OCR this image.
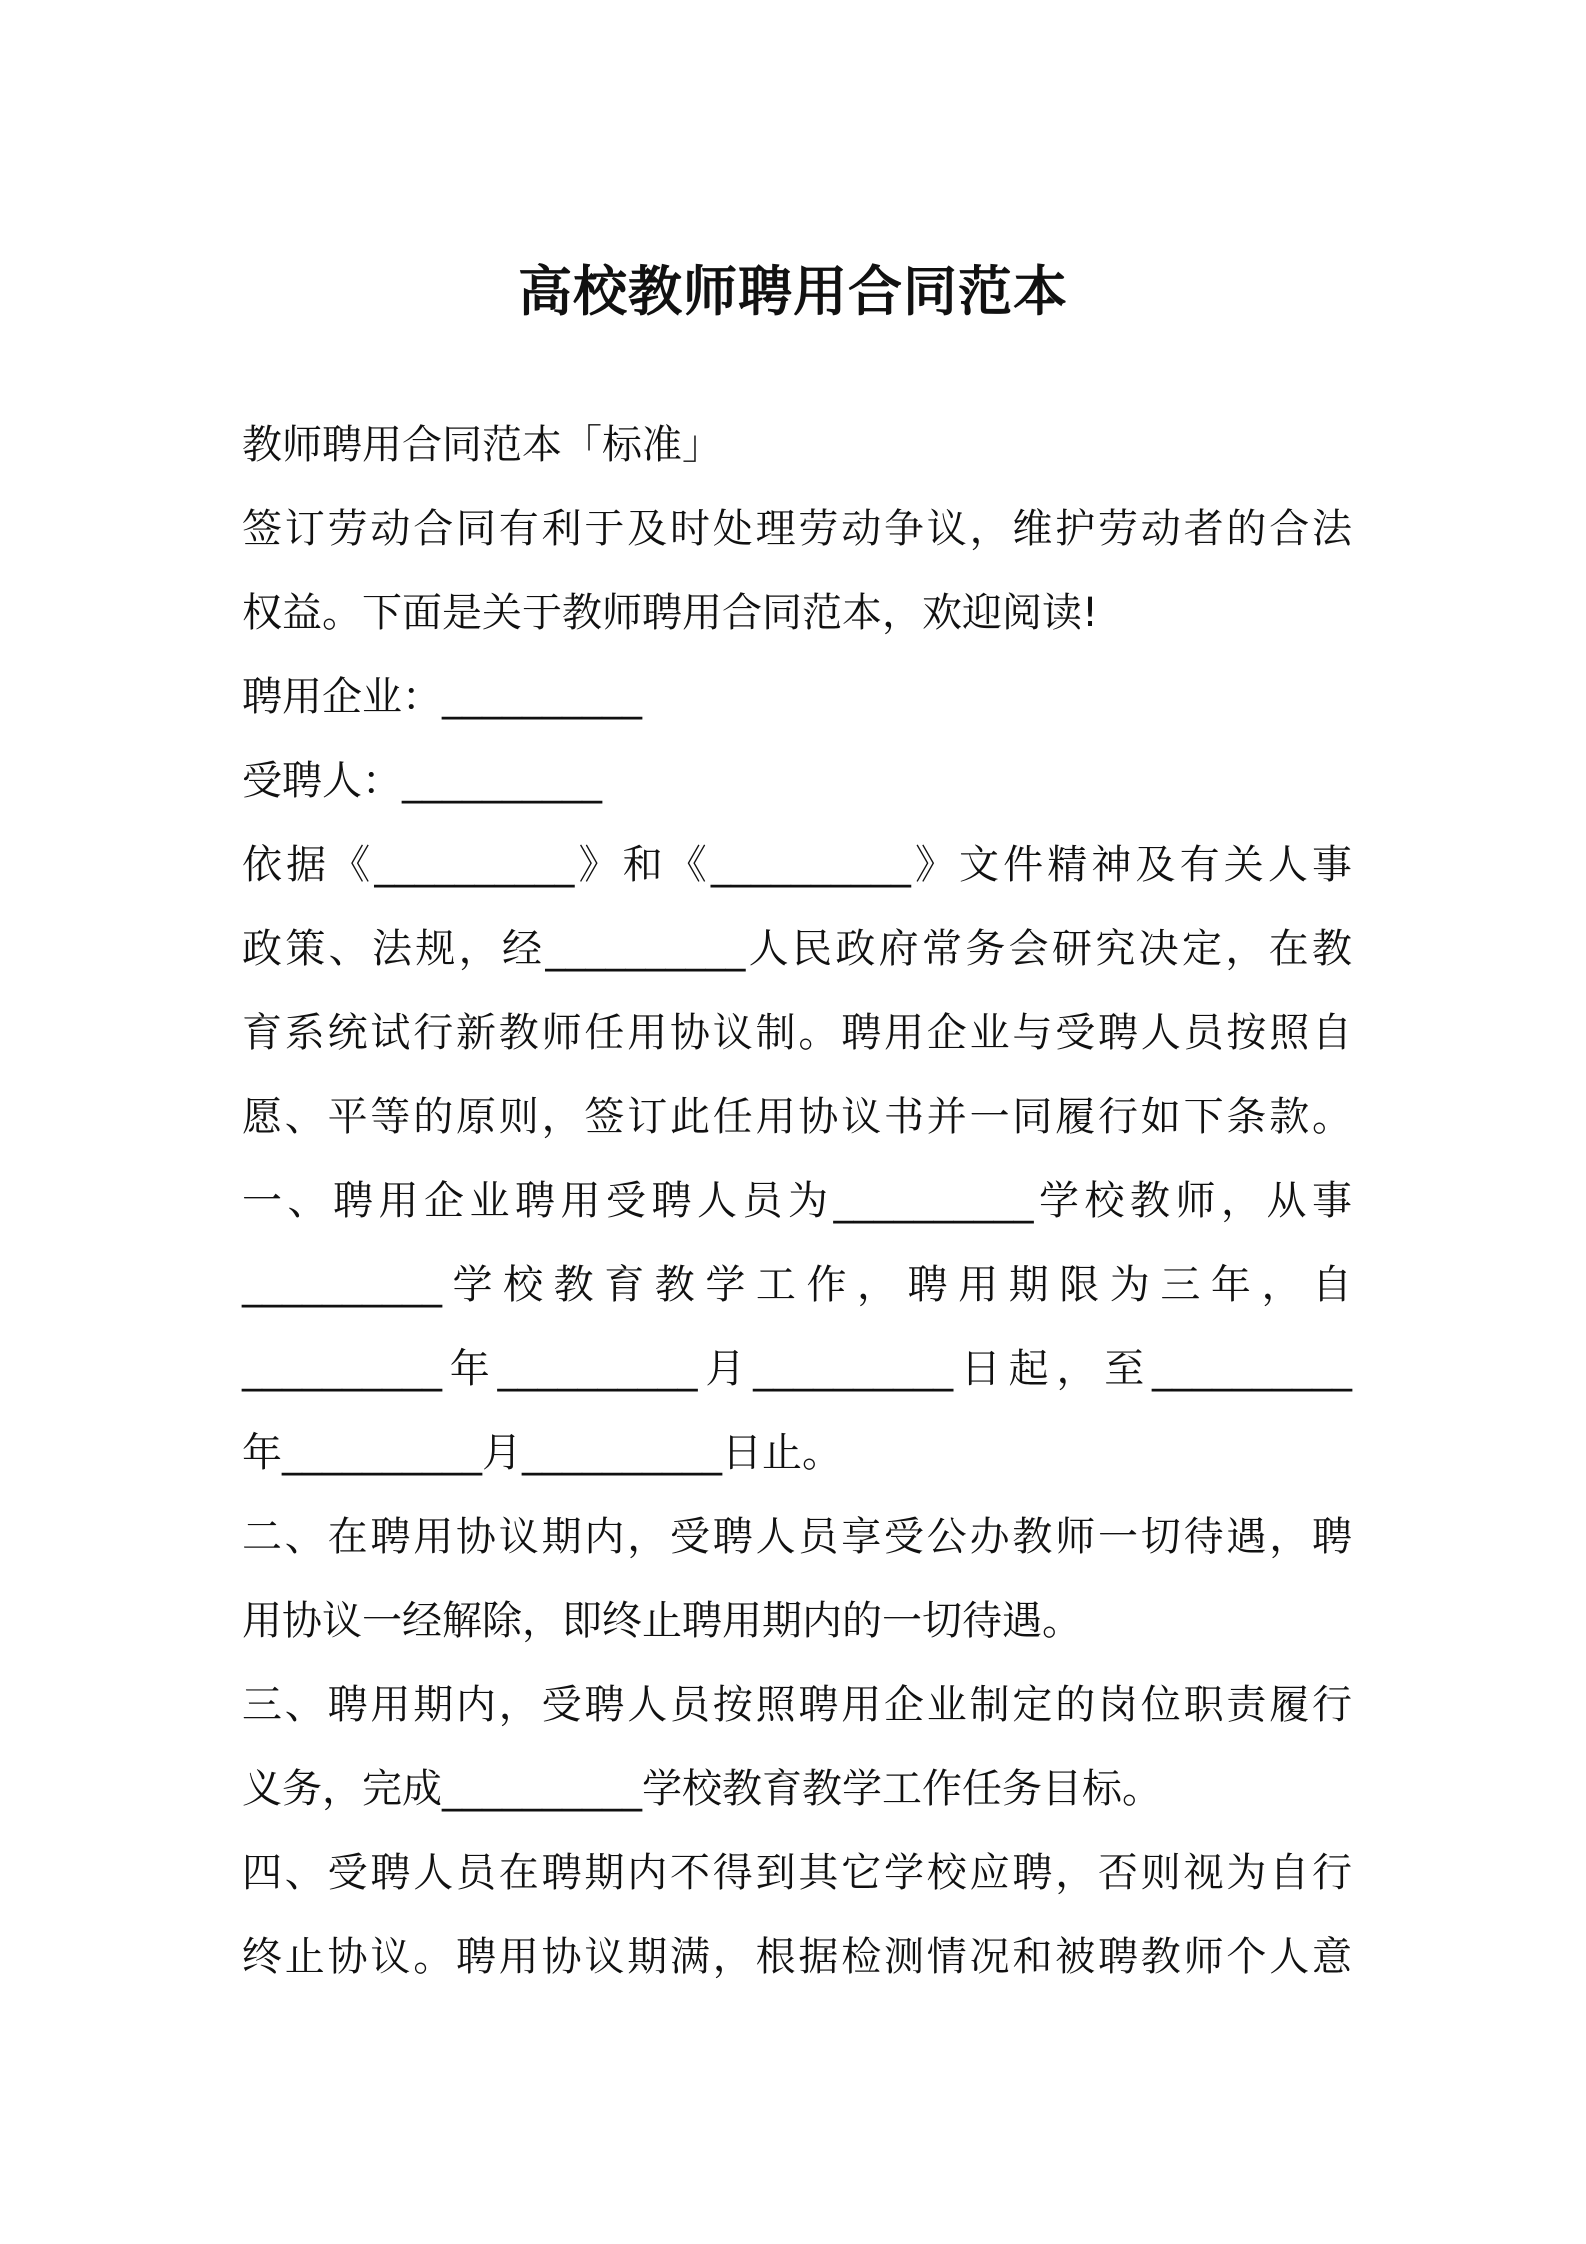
高校教师聘用合同范本
教师聘用合同范本「标准」
签订劳动合同有利于及时处理劳动争议，维护劳动者的合法
权益。下面是关于教师聘用合同范本，欢迎阅读!
聘用企业：__________
受聘人：__________
依据《__________》和《__________》文件精神及有关人事
政策、法规，经__________人民政府常务会研究决定，在教
育系统试行新教师任用协议制。聘用企业与受聘人员按照自
愿、平等的原则，签订此任用协议书并一同履行如下条款。
一、聘用企业聘用受聘人员为__________学校教师，从事
__________学校教育教学工作，聘用期限为三年，自
__________年__________月__________日起，至__________
年__________月__________日止。
二、在聘用协议期内，受聘人员享受公办教师一切待遇，聘
用协议一经解除，即终止聘用期内的一切待遇。
三、聘用期内，受聘人员按照聘用企业制定的岗位职责履行
义务，完成__________学校教育教学工作任务目标。
四、受聘人员在聘期内不得到其它学校应聘，否则视为自行
终止协议。聘用协议期满，根据检测情况和被聘教师个人意
